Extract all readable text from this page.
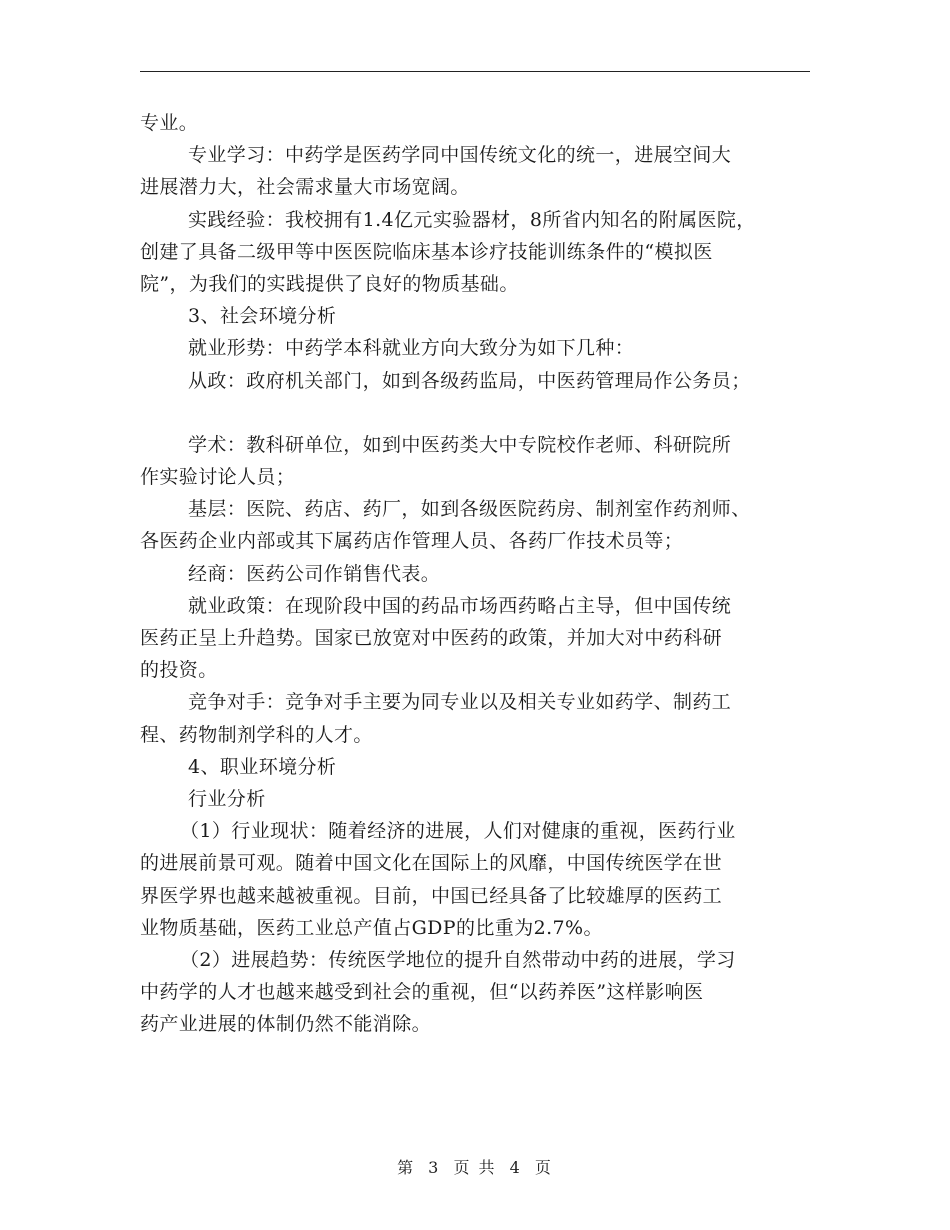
专业。
专业学习：中药学是医药学同中国传统文化的统一，进展空间大
进展潜力大，社会需求量大市场宽阔。
实践经验：我校拥有1.4亿元实验器材，8所省内知名的附属医院，
创建了具备二级甲等中医医院临床基本诊疗技能训练条件的“模拟医
院”，为我们的实践提供了良好的物质基础。
3、社会环境分析
就业形势：中药学本科就业方向大致分为如下几种：
从政：政府机关部门，如到各级药监局，中医药管理局作公务员；
学术：教科研单位，如到中医药类大中专院校作老师、科研院所
作实验讨论人员；
基层：医院、药店、药厂，如到各级医院药房、制剂室作药剂师、
各医药企业内部或其下属药店作管理人员、各药厂作技术员等；
经商：医药公司作销售代表。
就业政策：在现阶段中国的药品市场西药略占主导，但中国传统
医药正呈上升趋势。国家已放宽对中医药的政策，并加大对中药科研
的投资。
竞争对手：竞争对手主要为同专业以及相关专业如药学、制药工
程、药物制剂学科的人才。
4、职业环境分析
行业分析
（1）行业现状：随着经济的进展，人们对健康的重视，医药行业
的进展前景可观。随着中国文化在国际上的风靡，中国传统医学在世
界医学界也越来越被重视。目前，中国已经具备了比较雄厚的医药工
业物质基础，医药工业总产值占GDP的比重为2.7%。
（2）进展趋势：传统医学地位的提升自然带动中药的进展，学习
中药学的人才也越来越受到社会的重视，但“以药养医”这样影响医
药产业进展的体制仍然不能消除。
第 3 页 共 4 页
